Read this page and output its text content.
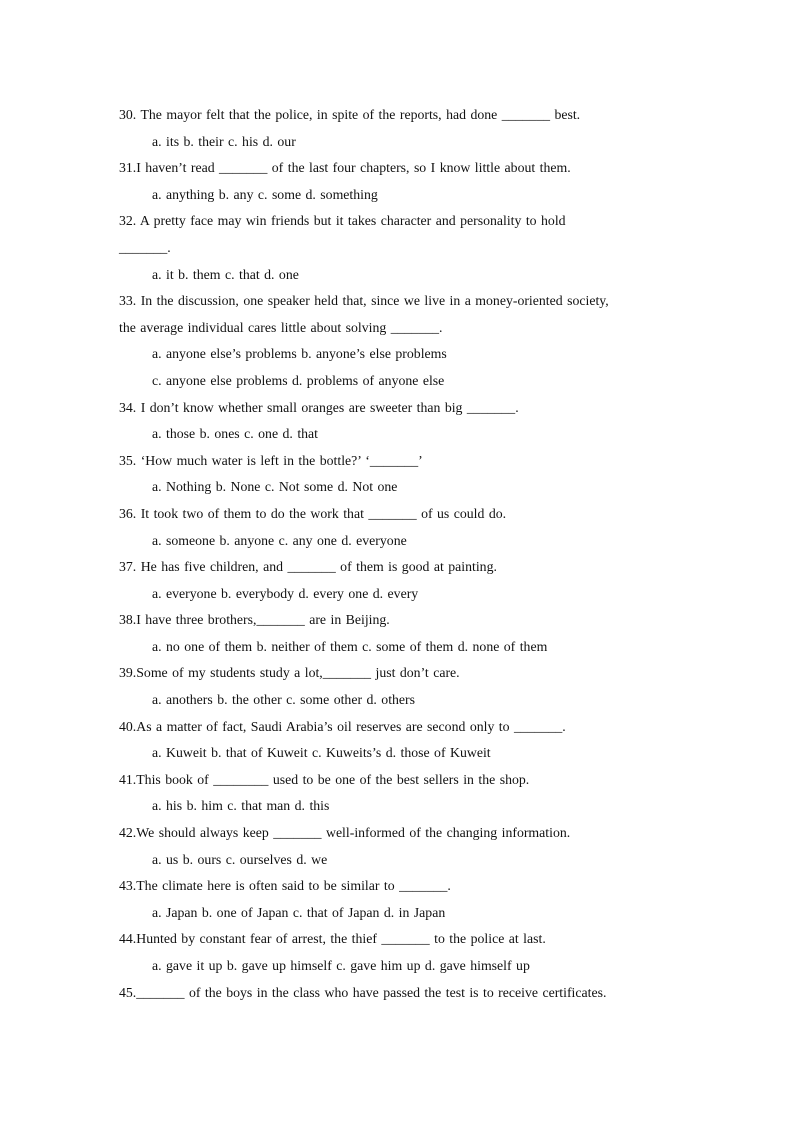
30. The mayor felt that the police, in spite of the reports, had done _______ best.
a. its b. their c. his d. our
31.I haven’t read _______ of the last four chapters, so I know little about them.
a. anything b. any c. some d. something
32. A pretty face may win friends but it takes character and personality to hold
_______.
a. it b. them c. that d. one
33. In the discussion, one speaker held that, since we live in a money-oriented society,
the average individual cares little about solving _______.
a. anyone else’s problems b. anyone’s else problems
c. anyone else problems d. problems of anyone else
34. I don’t know whether small oranges are sweeter than big _______.
a. those b. ones c. one d. that
35. ‘How much water is left in the bottle?’ ‘_______’
a. Nothing b. None c. Not some d. Not one
36. It took two of them to do the work that _______ of us could do.
a. someone b. anyone c. any one d. everyone
37. He has five children, and _______ of them is good at painting.
a. everyone b. everybody d. every one d. every
38.I have three brothers,_______ are in Beijing.
a. no one of them b. neither of them c. some of them d. none of them
39.Some of my students study a lot,_______ just don’t care.
a. anothers b. the other c. some other d. others
40.As a matter of fact, Saudi Arabia’s oil reserves are second only to _______.
a. Kuweit b. that of Kuweit c. Kuweits’s d. those of Kuweit
41.This book of ________ used to be one of the best sellers in the shop.
a. his b. him c. that man d. this
42.We should always keep _______ well-informed of the changing information.
a. us b. ours c. ourselves d. we
43.The climate here is often said to be similar to _______.
a. Japan b. one of Japan c. that of Japan d. in Japan
44.Hunted by constant fear of arrest, the thief _______ to the police at last.
a. gave it up b. gave up himself c. gave him up d. gave himself up
45._______ of the boys in the class who have passed the test is to receive certificates.
